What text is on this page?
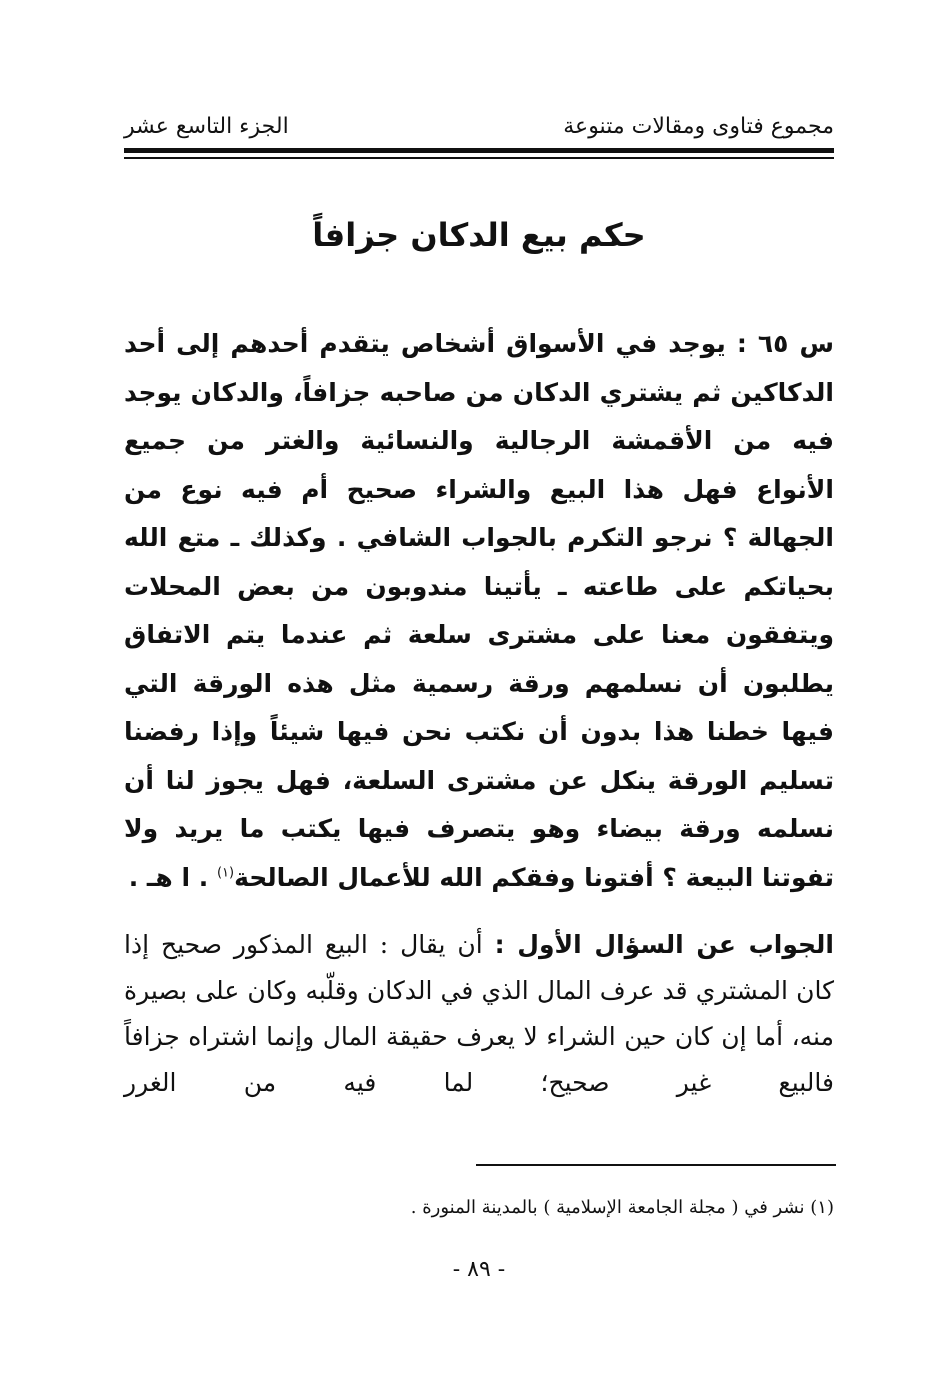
مجموع فتاوى ومقالات متنوعة
الجزء التاسع عشر
حكم بيع الدكان جزافاً

س ٦٥ : يوجد في الأسواق أشخاص يتقدم أحدهم إلى أحد الدكاكين ثم يشتري الدكان من صاحبه جزافاً، والدكان يوجد فيه من الأقمشة الرجالية والنسائية والغتر من جميع الأنواع فهل هذا البيع والشراء صحيح أم فيه نوع من الجهالة ؟ نرجو التكرم بالجواب الشافي . وكذلك ـ متع الله بحياتكم على طاعته ـ يأتينا مندوبون من بعض المحلات ويتفقون معنا على مشترى سلعة ثم عندما يتم الاتفاق يطلبون أن نسلمهم ورقة رسمية مثل هذه الورقة التي فيها خطنا هذا بدون أن نكتب نحن فيها شيئاً وإذا رفضنا تسليم الورقة ينكل عن مشترى السلعة، فهل يجوز لنا أن نسلمه ورقة بيضاء وهو يتصرف فيها يكتب ما يريد ولا تفوتنا البيعة ؟ أفتونا وفقكم الله للأعمال الصالحة$^{(١)}$ . ا هـ .

الجواب عن السؤال الأول : أن يقال : البيع المذكور صحيح إذا كان المشتري قد عرف المال الذي في الدكان وقلّبه وكان على بصيرة منه، أما إن كان حين الشراء لا يعرف حقيقة المال وإنما اشتراه جزافاً فالبيع غير صحيح؛ لما فيه من الغرر

(١) نشر في ( مجلة الجامعة الإسلامية ) بالمدينة المنورة .
- ٨٩ -
